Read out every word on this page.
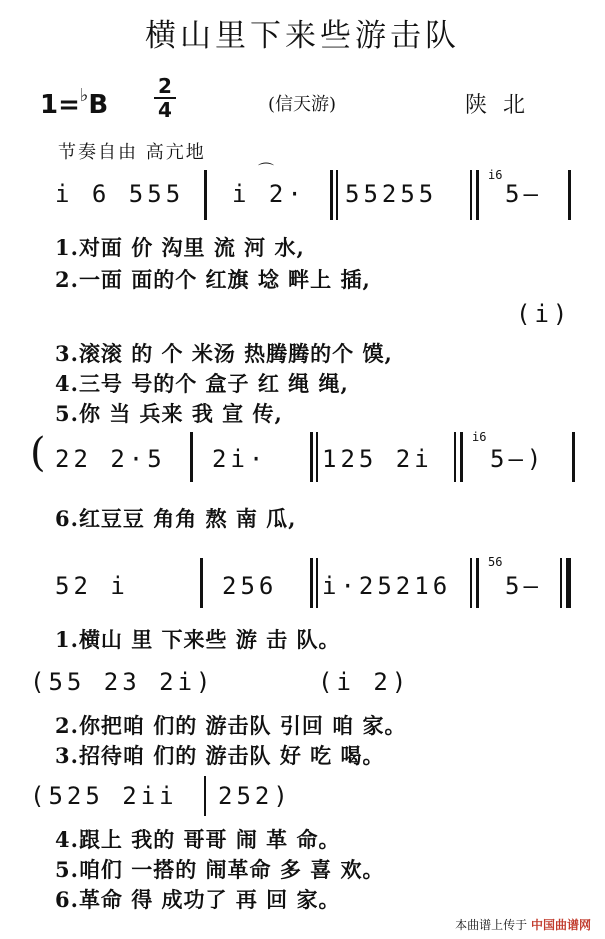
横山里下来些游击队
1=♭B
2
4	(信天游)	陕北
节奏自由 高亢地
i 6 555 i 2·
⌒
55255
i6
5—
1.对面 价 沟里 流 河 水,
2.一面 面的个 红旗 埝 畔上 插,
(i)
3.滚滚 的 个 米汤 热腾腾的个 馍,
4.三号 号的个 盒子 红 绳 绳,
5.你 当 兵来 我 宣 传,
( 22 2·5 2i· 125 2i
i6
5—)
6.红豆豆 角角 熬 南 瓜,
52 i	256 i·25216
56
5—
1.横山 里 下来些 游 击 队。
(55 23 2i)	(i 2)
2.你把咱 们的 游击队 引回 咱 家。
3.招待咱 们的 游击队 好 吃 喝。
(525 2ii 252)
4.跟上 我的 哥哥 闹 革 命。
5.咱们 一搭的 闹革命 多 喜 欢。
6.革命 得 成功了 再 回 家。
本曲谱上传于 中国曲谱网
